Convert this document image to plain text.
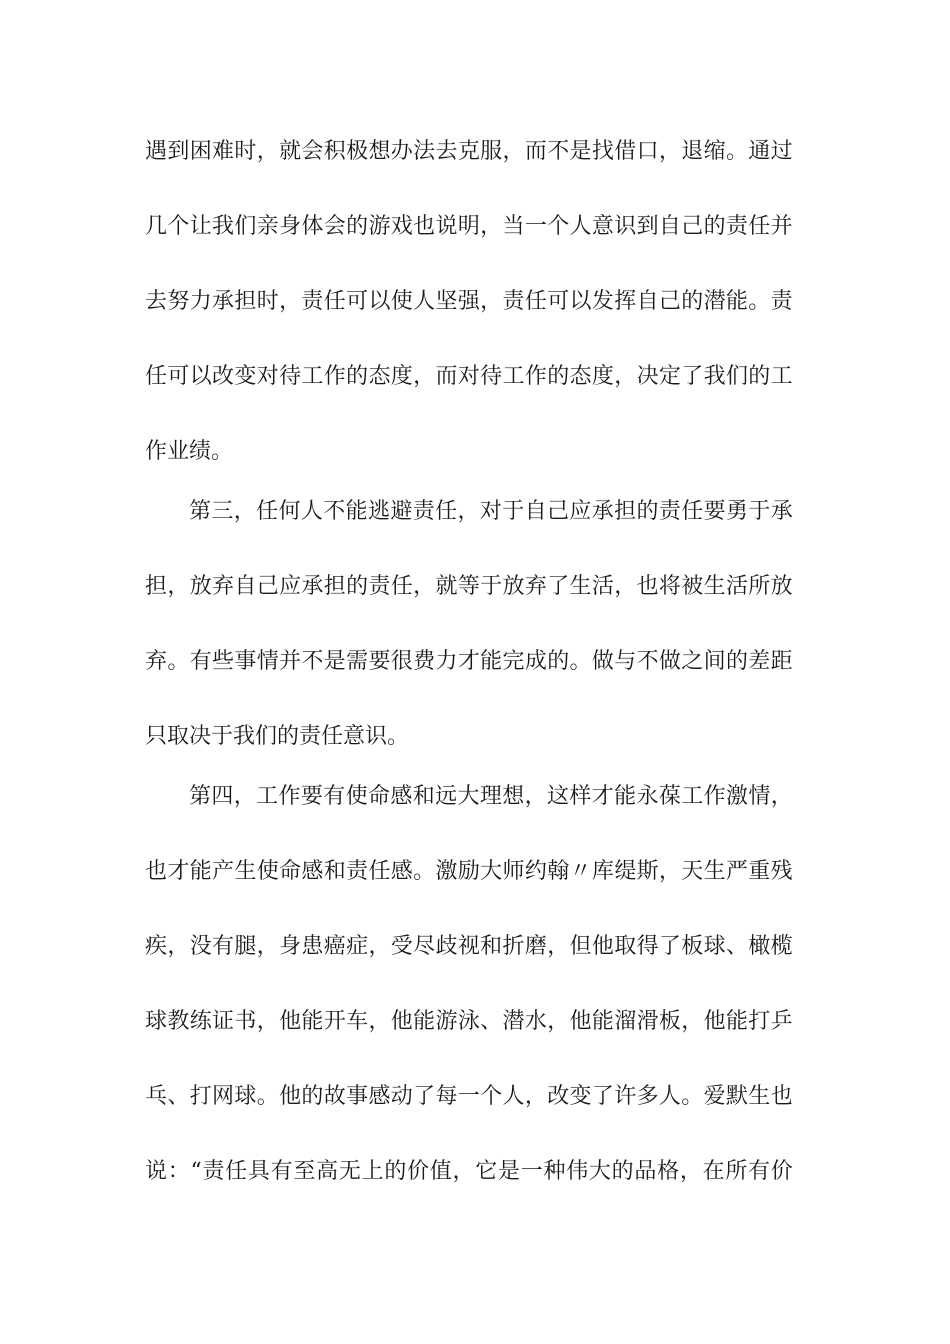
遇 到 困 难 时 ， 就 会 积 极 想 办 法 去 克 服 ， 而 不 是 找 借 口 ， 退 缩 。 通 过
几 个 让 我 们 亲 身 体 会 的 游 戏 也 说 明 ， 当 一 个 人 意 识 到 自 己 的 责 任 并
去 努 力 承 担 时 ， 责 任 可 以 使 人 坚 强 ， 责 任 可 以 发 挥 自 己 的 潜 能 。 责
任 可 以 改 变 对 待 工 作 的 态 度 ， 而 对 待 工 作 的 态 度 ， 决 定 了 我 们 的 工
作业绩。
第 三 ， 任 何 人 不 能 逃 避 责 任 ， 对 于 自 己 应 承 担 的 责 任 要 勇 于 承
担 ， 放 弃 自 己 应 承 担 的 责 任 ， 就 等 于 放 弃 了 生 活 ， 也 将 被 生 活 所 放
弃 。 有 些 事 情 并 不 是 需 要 很 费 力 才 能 完 成 的 。 做 与 不 做 之 间 的 差 距
只取决于我们的责任意识。
第 四 ， 工 作 要 有 使 命 感 和 远 大 理 想 ， 这 样 才 能 永 葆 工 作 激 情 ，
也 才 能 产 生 使 命 感 和 责 任 感 。 激 励 大 师 约 翰 〃 库 缇 斯 ， 天 生 严 重 残
疾 ， 没 有 腿 ， 身 患 癌 症 ， 受 尽 歧 视 和 折 磨 ， 但 他 取 得 了 板 球 、 橄 榄
球 教 练 证 书 ， 他 能 开 车 ， 他 能 游 泳 、 潜 水 ， 他 能 溜 滑 板 ， 他 能 打 乒
乓 、 打 网 球 。 他 的 故 事 感 动 了 每 一 个 人 ， 改 变 了 许 多 人 。 爱 默 生 也
说 ： “ 责 任 具 有 至 高 无 上 的 价 值 ， 它 是 一 种 伟 大 的 品 格 ， 在 所 有 价
